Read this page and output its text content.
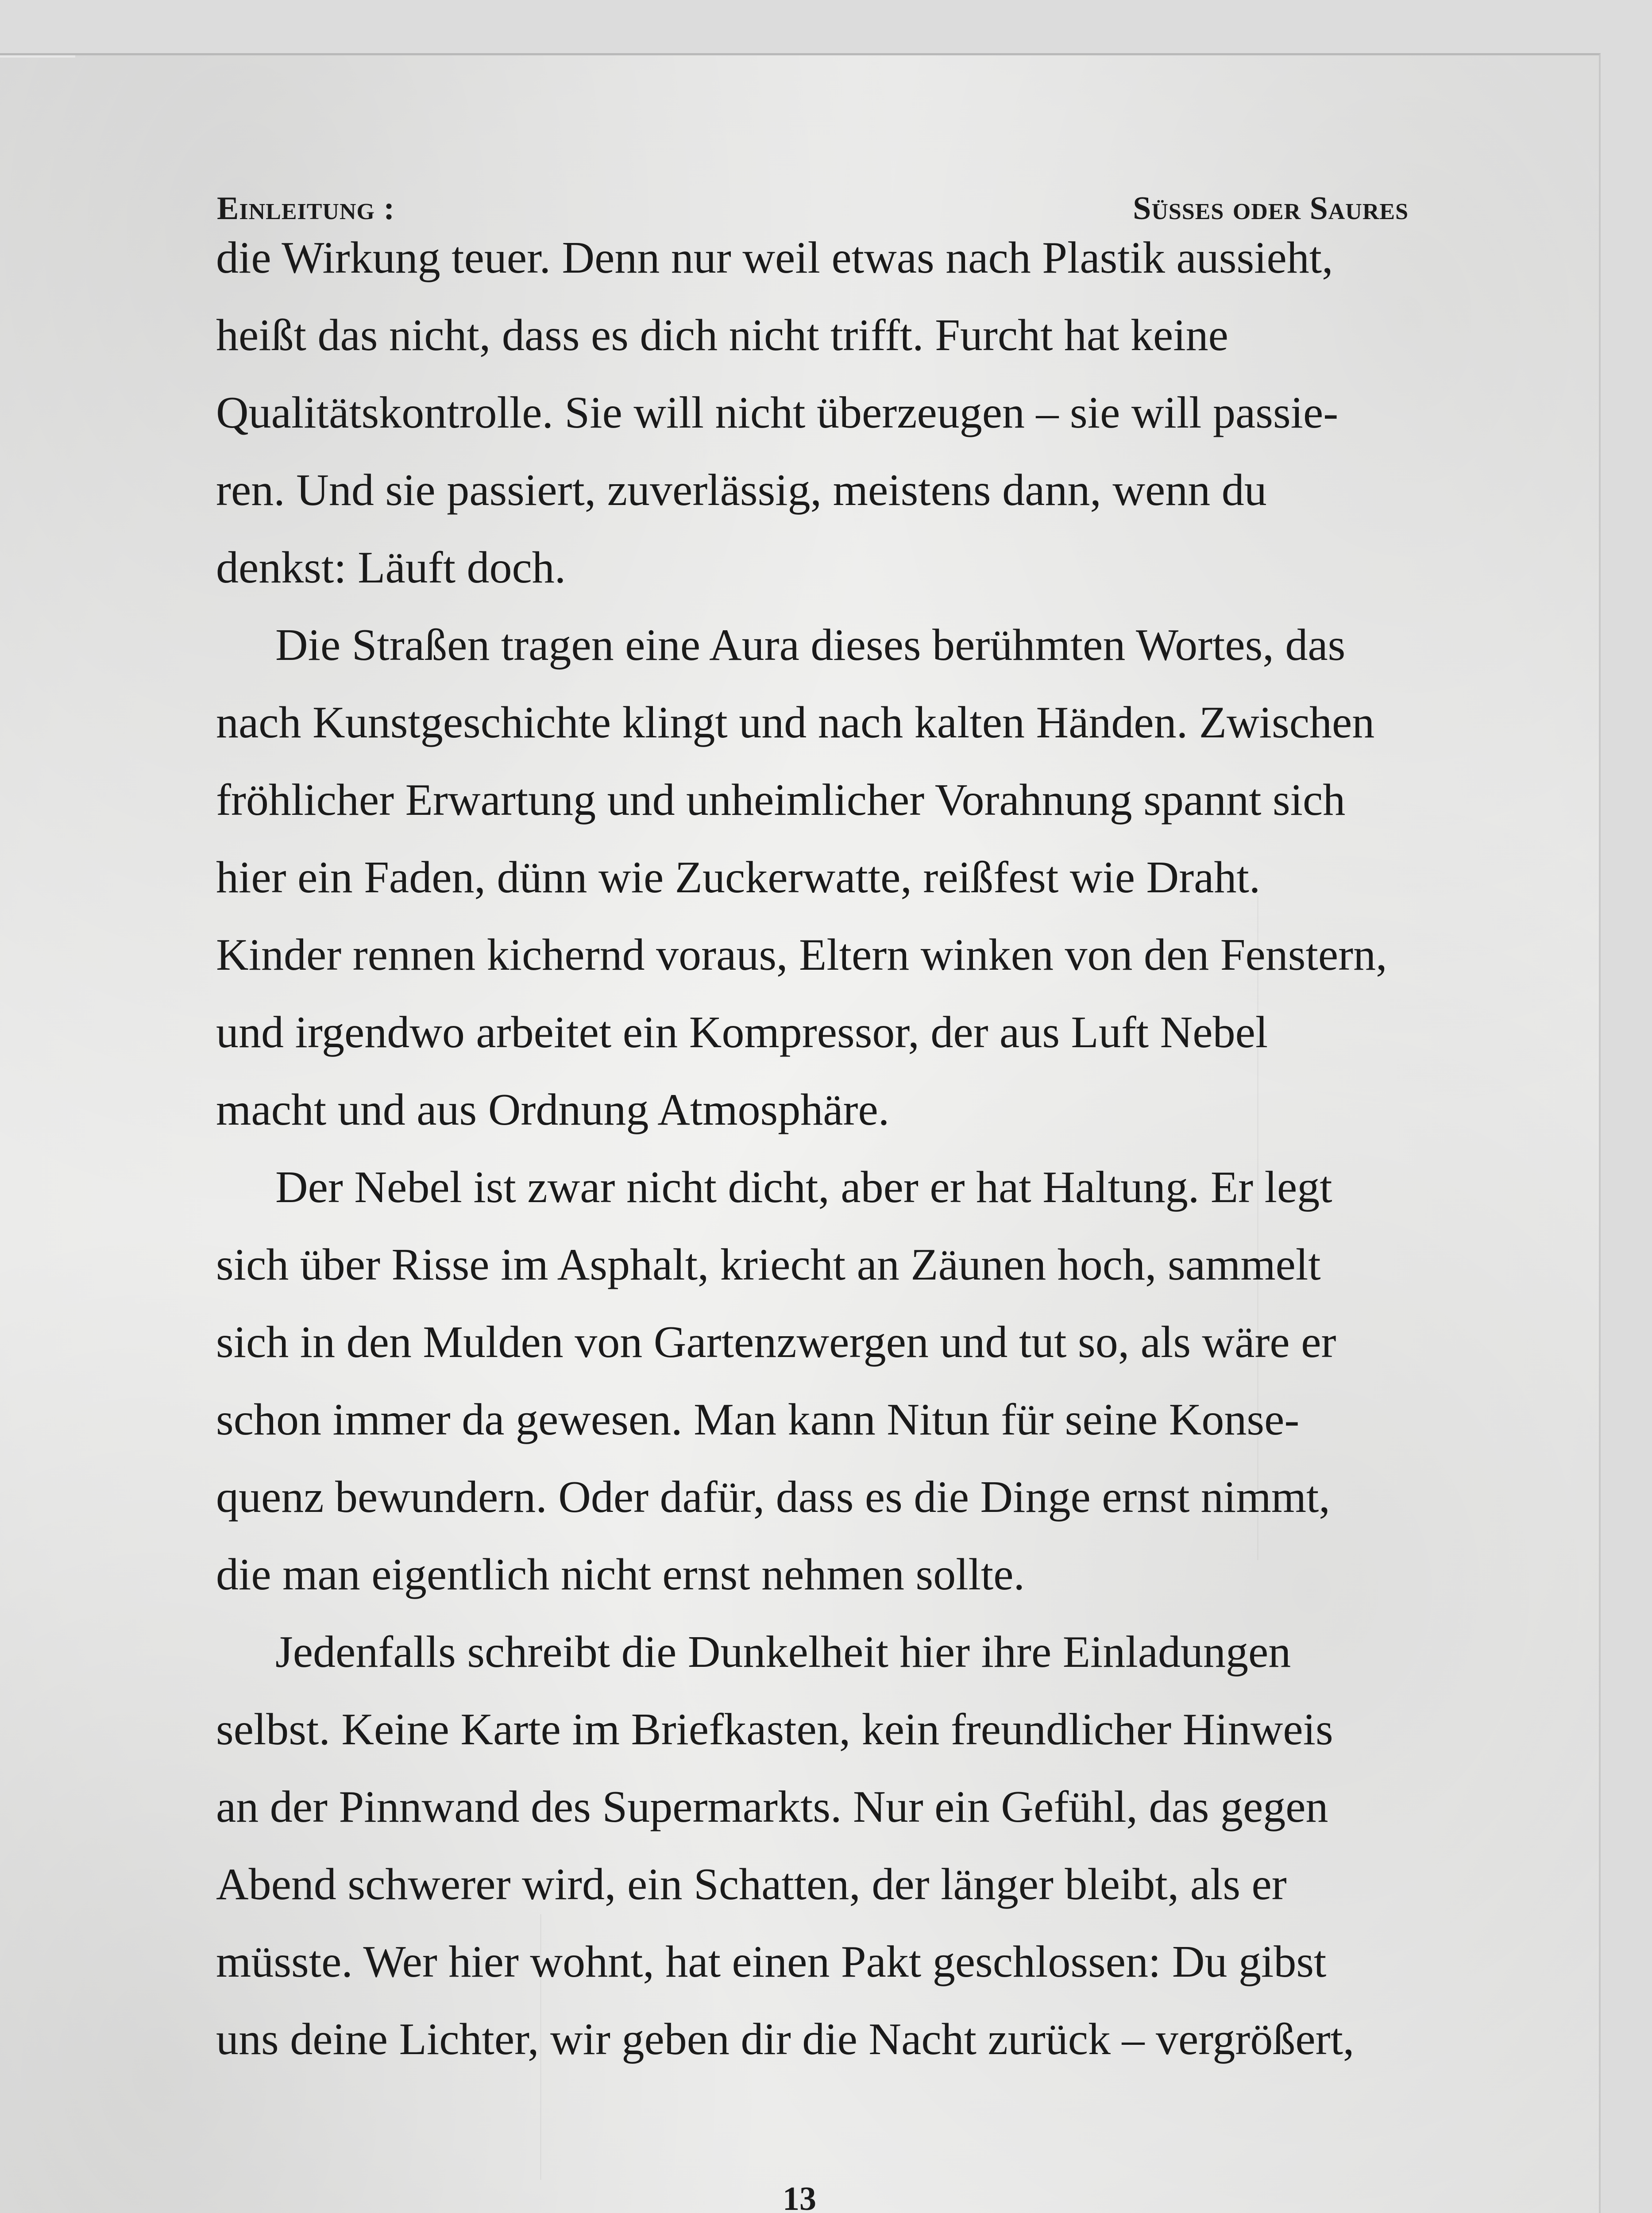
Einleitung :	Süsses oder Saures
die Wirkung teuer. Denn nur weil etwas nach Plastik aussieht,
heißt das nicht, dass es dich nicht trifft. Furcht hat keine
Qualitätskontrolle. Sie will nicht überzeugen – sie will passie-
ren. Und sie passiert, zuverlässig, meistens dann, wenn du
denkst: Läuft doch.
Die Straßen tragen eine Aura dieses berühmten Wortes, das
nach Kunstgeschichte klingt und nach kalten Händen. Zwischen
fröhlicher Erwartung und unheimlicher Vorahnung spannt sich
hier ein Faden, dünn wie Zuckerwatte, reißfest wie Draht.
Kinder rennen kichernd voraus, Eltern winken von den Fenstern,
und irgendwo arbeitet ein Kompressor, der aus Luft Nebel
macht und aus Ordnung Atmosphäre.
Der Nebel ist zwar nicht dicht, aber er hat Haltung. Er legt
sich über Risse im Asphalt, kriecht an Zäunen hoch, sammelt
sich in den Mulden von Gartenzwergen und tut so, als wäre er
schon immer da gewesen. Man kann Nitun für seine Konse-
quenz bewundern. Oder dafür, dass es die Dinge ernst nimmt,
die man eigentlich nicht ernst nehmen sollte.
Jedenfalls schreibt die Dunkelheit hier ihre Einladungen
selbst. Keine Karte im Briefkasten, kein freundlicher Hinweis
an der Pinnwand des Supermarkts. Nur ein Gefühl, das gegen
Abend schwerer wird, ein Schatten, der länger bleibt, als er
müsste. Wer hier wohnt, hat einen Pakt geschlossen: Du gibst
uns deine Lichter, wir geben dir die Nacht zurück – vergrößert,
13
